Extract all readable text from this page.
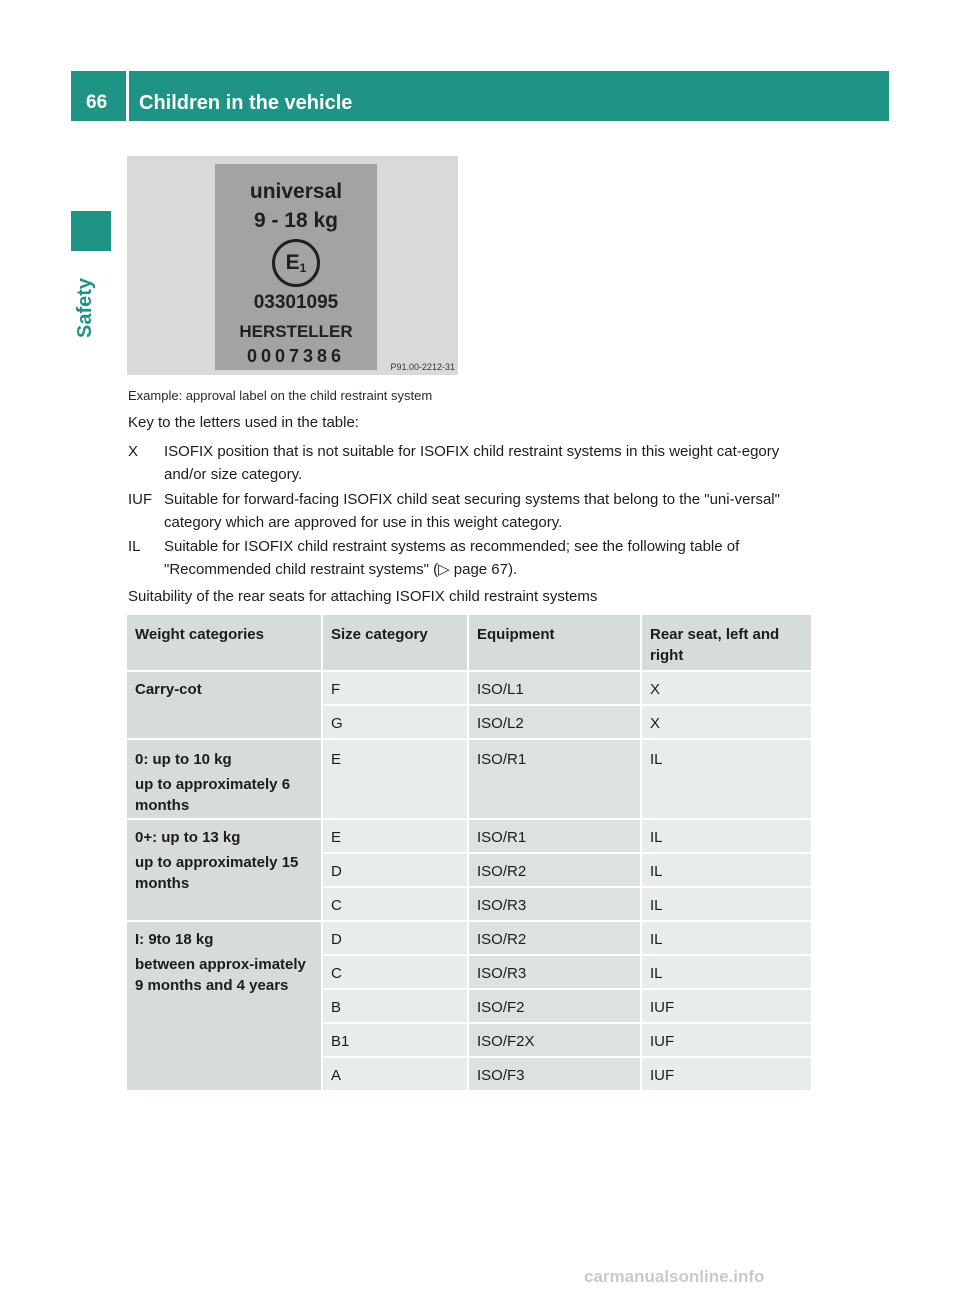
66 Children in the vehicle
Safety
universal
9 - 18 kg
$E_1$
03301095
HERSTELLER
0007386
P91.00-2212-31
Example: approval label on the child restraint system
Key to the letters used in the table:
X ISOFIX position that is not suitable for ISOFIX child restraint systems in this weight cat-egory and/or size category.
IUF Suitable for forward-facing ISOFIX child seat securing systems that belong to the "uni-versal" category which are approved for use in this weight category.
IL Suitable for ISOFIX child restraint systems as recommended; see the following table of "Recommended child restraint systems" (▷ page 67).
Suitability of the rear seats for attaching ISOFIX child restraint systems
Weight categories	Size category	Equipment	Rear seat, left and right
Carry-cot	F	ISO/L1	X
	G	ISO/L2	X
0: up to 10 kg
up to approximately 6 months	E	ISO/R1	IL
0+: up to 13 kg
up to approximately 15 months	E	ISO/R1	IL
	D	ISO/R2	IL
	C	ISO/R3	IL
I: 9to 18 kg
between approx-imately 9 months and 4 years	D	ISO/R2	IL
	C	ISO/R3	IL
	B	ISO/F2	IUF
	B1	ISO/F2X	IUF
	A	ISO/F3	IUF
carmanualsonline.info
